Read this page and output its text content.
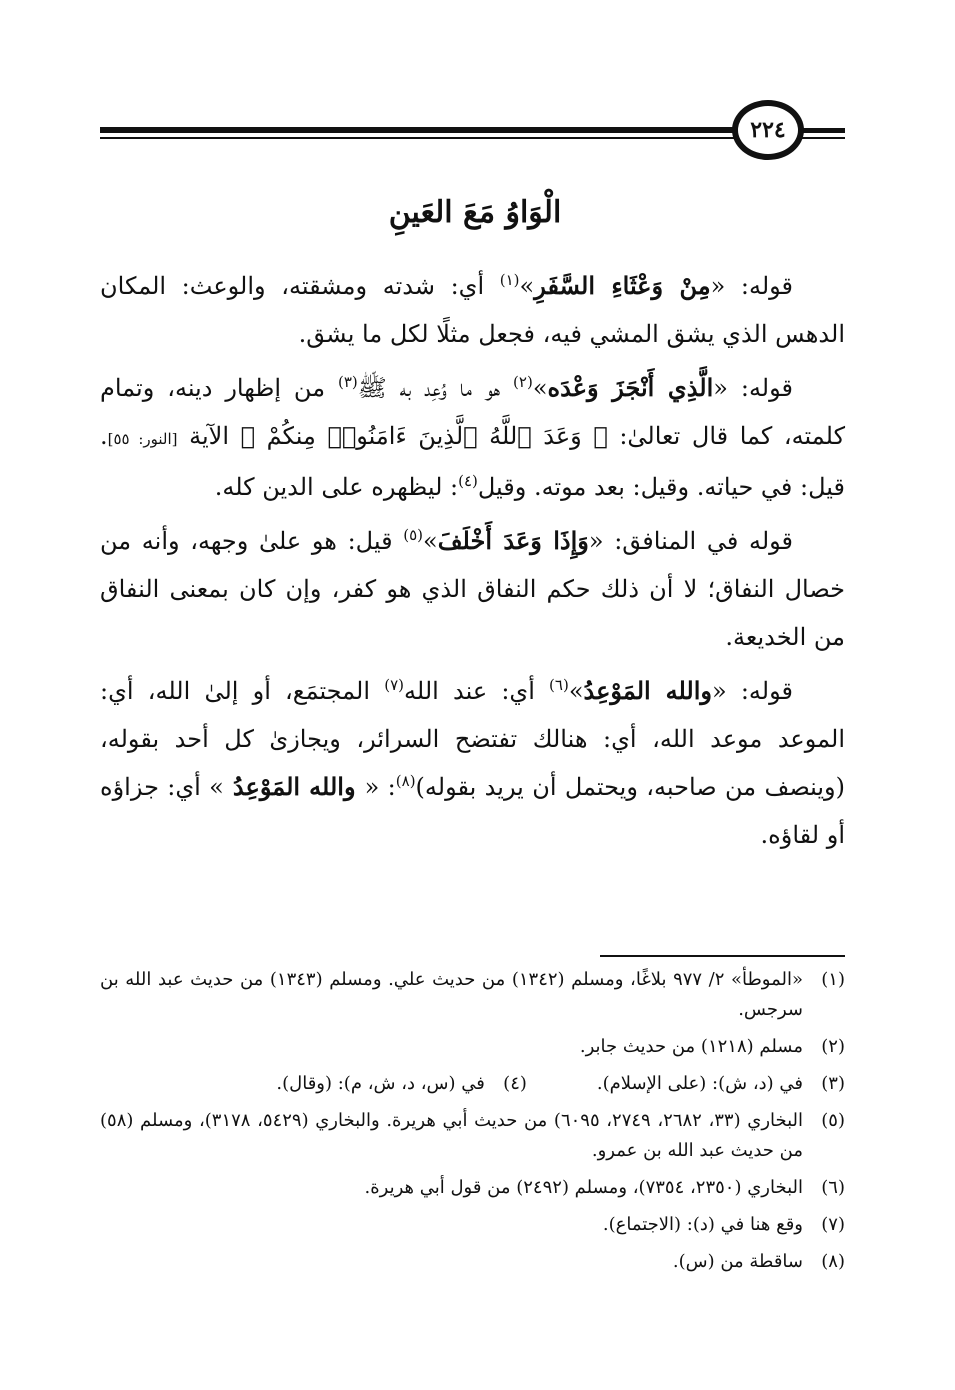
٢٢٤
الْوَاوُ مَعَ العَينِ

قوله: «مِنْ وَعْثَاءِ السَّفَرِ»$^{(١)}$ أي: شدته ومشقته، والوعث: المكان الدهس الذي يشق المشي فيه، فجعل مثلًا لكل ما يشق.

قوله: «الَّذِي أَنْجَزَ وَعْدَه»$^{(٢)}$ هو ما وُعِد به ﷺ$^{(٣)}$ من إظهار دينه، وتمام كلمته، كما قال تعالىٰ: ﴿ وَعَدَ ٱللَّهُ ٱلَّذِينَ ءَامَنُوا۟ مِنكُمْ ﴾ الآية [النور: ٥٥]. قيل: في حياته. وقيل: بعد موته. وقيل$^{(٤)}$: ليظهره على الدين كله.

قوله في المنافق: «وَإِذَا وَعَدَ أَخْلَفَ»$^{(٥)}$ قيل: هو علىٰ وجهه، وأنه من خصال النفاق؛ لا أن ذلك حكم النفاق الذي هو كفر، وإن كان بمعنى النفاق من الخديعة.

قوله: «والله المَوْعِدُ»$^{(٦)}$ أي: عند الله$^{(٧)}$ المجتمَع، أو إلىٰ الله، أي: الموعد موعد الله، أي: هنالك تفتضح السرائر، ويجازىٰ كل أحد بقوله، (وينصف من صاحبه، ويحتمل أن يريد بقوله)$^{(٨)}$: « والله المَوْعِدُ » أي: جزاؤه أو لقاؤه.

(١)
«الموطأ» ٢/ ٩٧٧ بلاغًا، ومسلم (١٣٤٢) من حديث علي. ومسلم (١٣٤٣) من حديث عبد الله بن سرجس.
(٢)
مسلم (١٢١٨) من حديث جابر.
(٣)
في (د، ش): (على الإسلام).
(٤)
في (س، د، ش، م): (وقال).
(٥)
البخاري (٣٣، ٢٦٨٢، ٢٧٤٩، ٦٠٩٥) من حديث أبي هريرة. والبخاري (٥٤٢٩، ٣١٧٨)، ومسلم (٥٨) من حديث عبد الله بن عمرو.
(٦)
البخاري (٢٣٥٠، ٧٣٥٤)، ومسلم (٢٤٩٢) من قول أبي هريرة.
(٧)
وقع هنا في (د): (الاجتماع).
(٨)
ساقطة من (س).
